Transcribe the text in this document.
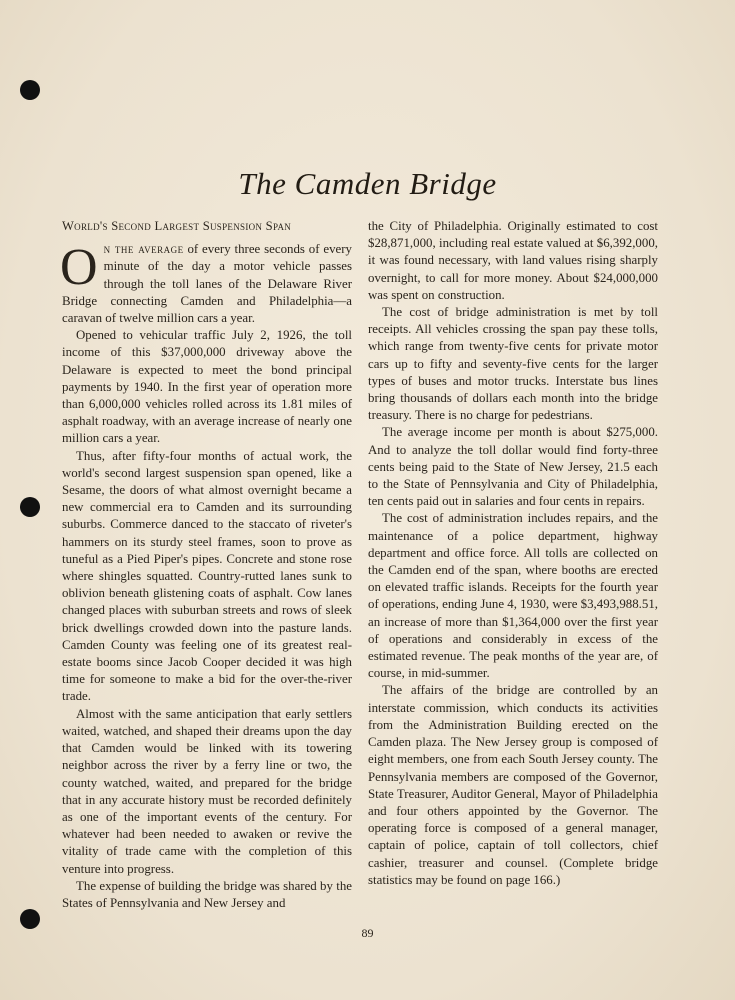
The Camden Bridge
World's Second Largest Suspension Span

On the average of every three seconds of every minute of the day a motor vehicle passes through the toll lanes of the Delaware River Bridge connecting Camden and Philadelphia—a caravan of twelve million cars a year.

Opened to vehicular traffic July 2, 1926, the toll income of this $37,000,000 driveway above the Delaware is expected to meet the bond principal payments by 1940. In the first year of operation more than 6,000,000 vehicles rolled across its 1.81 miles of asphalt roadway, with an average increase of nearly one million cars a year.

Thus, after fifty-four months of actual work, the world's second largest suspension span opened, like a Sesame, the doors of what almost overnight became a new commercial era to Camden and its surrounding suburbs. Commerce danced to the staccato of riveter's hammers on its sturdy steel frames, soon to prove as tuneful as a Pied Piper's pipes. Concrete and stone rose where shingles squatted. Country-rutted lanes sunk to oblivion beneath glistening coats of asphalt. Cow lanes changed places with suburban streets and rows of sleek brick dwellings crowded down into the pasture lands. Camden County was feeling one of its greatest real-estate booms since Jacob Cooper decided it was high time for someone to make a bid for the over-the-river trade.

Almost with the same anticipation that early settlers waited, watched, and shaped their dreams upon the day that Camden would be linked with its towering neighbor across the river by a ferry line or two, the county watched, waited, and prepared for the bridge that in any accurate history must be recorded definitely as one of the important events of the century. For whatever had been needed to awaken or revive the vitality of trade came with the completion of this venture into progress.

The expense of building the bridge was shared by the States of Pennsylvania and New Jersey and

the City of Philadelphia. Originally estimated to cost $28,871,000, including real estate valued at $6,392,000, it was found necessary, with land values rising sharply overnight, to call for more money. About $24,000,000 was spent on construction.

The cost of bridge administration is met by toll receipts. All vehicles crossing the span pay these tolls, which range from twenty-five cents for private motor cars up to fifty and seventy-five cents for the larger types of buses and motor trucks. Interstate bus lines bring thousands of dollars each month into the bridge treasury. There is no charge for pedestrians.

The average income per month is about $275,000. And to analyze the toll dollar would find forty-three cents being paid to the State of New Jersey, 21.5 each to the State of Pennsylvania and City of Philadelphia, ten cents paid out in salaries and four cents in repairs.

The cost of administration includes repairs, and the maintenance of a police department, highway department and office force. All tolls are collected on the Camden end of the span, where booths are erected on elevated traffic islands. Receipts for the fourth year of operations, ending June 4, 1930, were $3,493,988.51, an increase of more than $1,364,000 over the first year of operations and considerably in excess of the estimated revenue. The peak months of the year are, of course, in mid-summer.

The affairs of the bridge are controlled by an interstate commission, which conducts its activities from the Administration Building erected on the Camden plaza. The New Jersey group is composed of eight members, one from each South Jersey county. The Pennsylvania members are composed of the Governor, State Treasurer, Auditor General, Mayor of Philadelphia and four others appointed by the Governor. The operating force is composed of a general manager, captain of police, captain of toll collectors, chief cashier, treasurer and counsel. (Complete bridge statistics may be found on page 166.)

89
